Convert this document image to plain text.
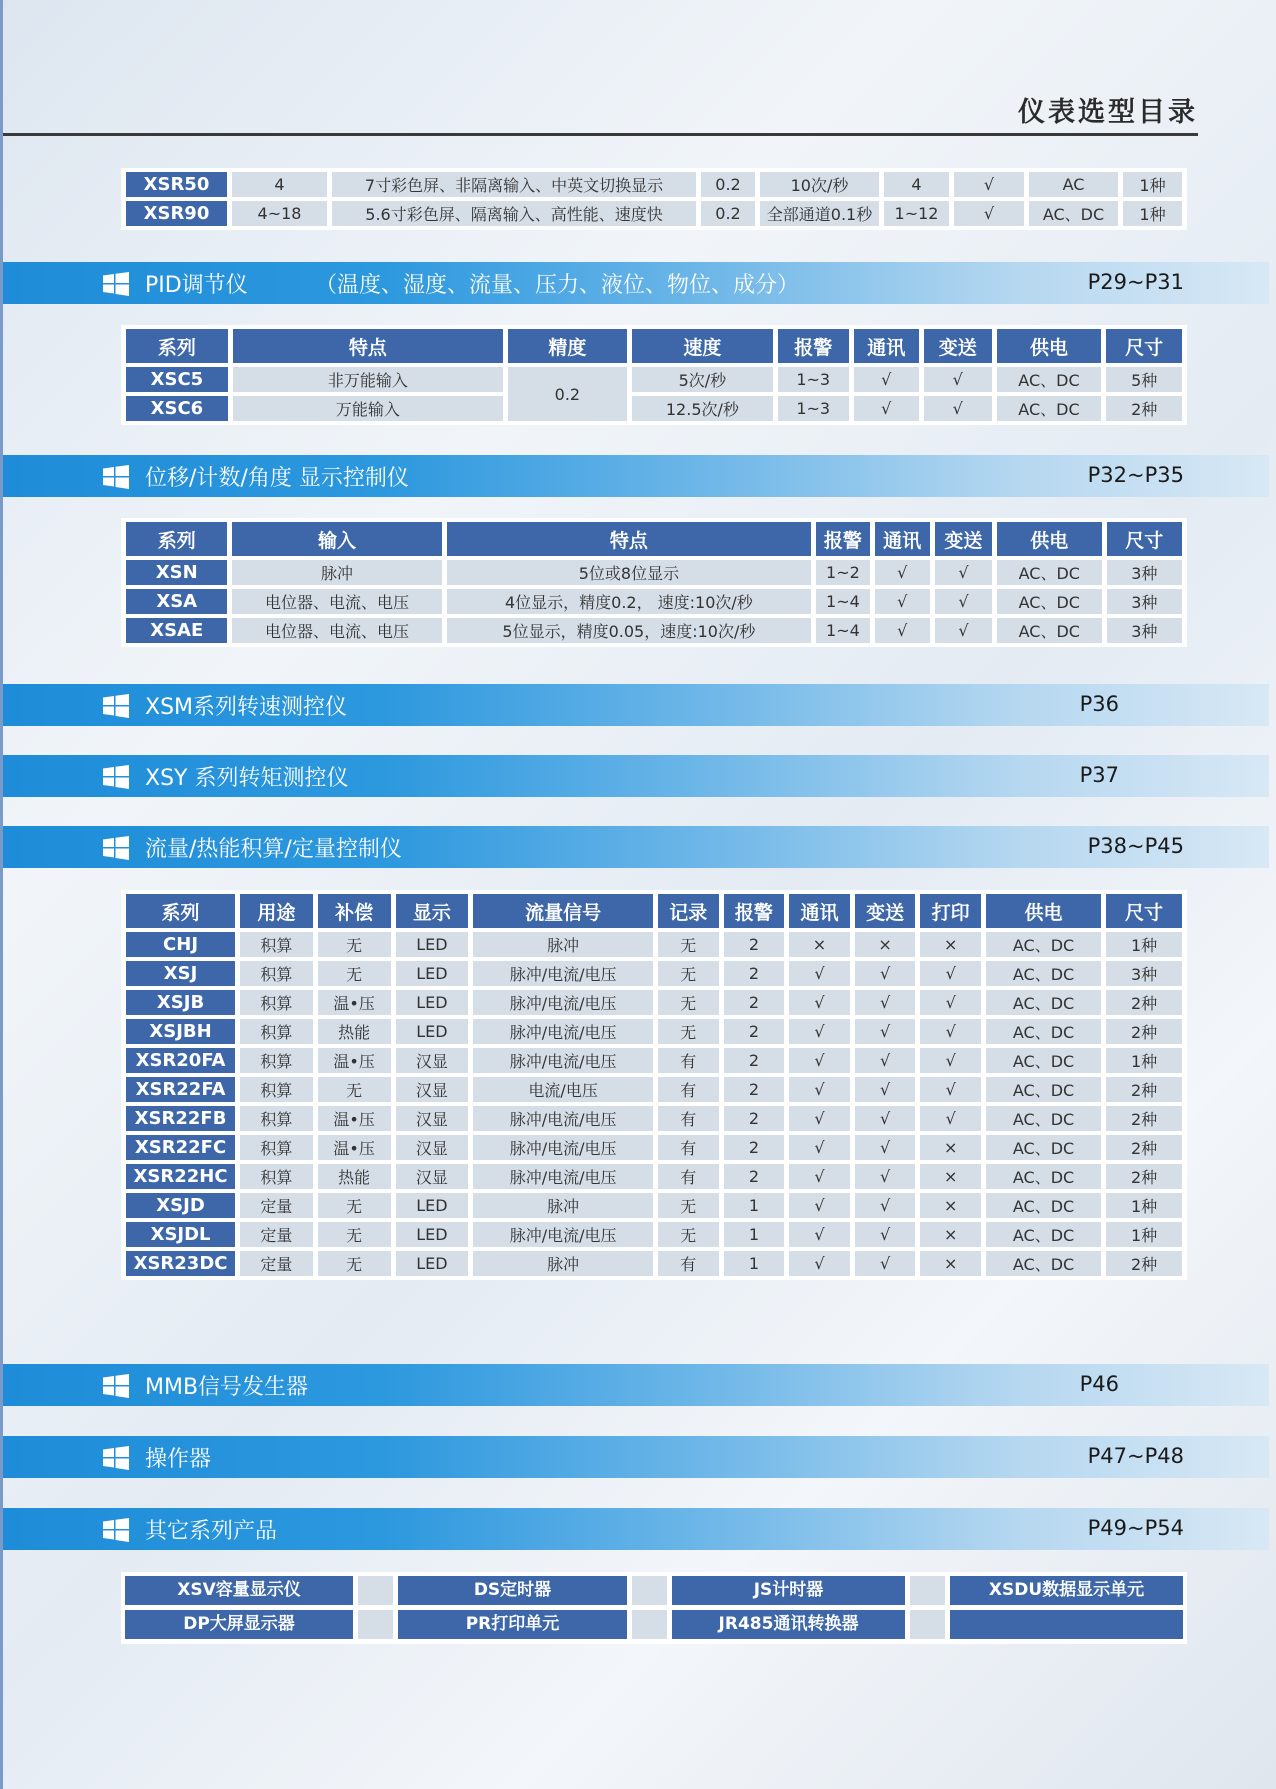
仪表选型目录
XSR50	4	7寸彩色屏、非隔离输入、中英文切换显示	0.2	10次/秒	4	√	AC	1种
XSR90	4~18	5.6寸彩色屏、隔离输入、高性能、速度快	0.2	全部通道0.1秒	1~12	√	AC、DC	1种
PID调节仪	（温度、湿度、流量、压力、液位、物位、成分）	P29~P31
系列	特点	精度	速度	报警	通讯	变送	供电	尺寸
XSC5	非万能输入	0.2	5次/秒	1~3	√	√	AC、DC	5种
XSC6	万能输入		12.5次/秒	1~3	√	√	AC、DC	2种
位移/计数/角度 显示控制仪	P32~P35
系列	输入	特点	报警	通讯	变送	供电	尺寸
XSN	脉冲	5位或8位显示	1~2	√	√	AC、DC	3种
XSA	电位器、电流、电压	4位显示，精度0.2， 速度:10次/秒	1~4	√	√	AC、DC	3种
XSAE	电位器、电流、电压	5位显示，精度0.05，速度:10次/秒	1~4	√	√	AC、DC	3种
XSM系列转速测控仪	P36
XSY 系列转矩测控仪	P37
流量/热能积算/定量控制仪	P38~P45
系列	用途	补偿	显示	流量信号	记录	报警	通讯	变送	打印	供电	尺寸
CHJ	积算	无	LED	脉冲	无	2	×	×	×	AC、DC	1种
XSJ	积算	无	LED	脉冲/电流/电压	无	2	√	√	√	AC、DC	3种
XSJB	积算	温•压	LED	脉冲/电流/电压	无	2	√	√	√	AC、DC	2种
XSJBH	积算	热能	LED	脉冲/电流/电压	无	2	√	√	√	AC、DC	2种
XSR20FA	积算	温•压	汉显	脉冲/电流/电压	有	2	√	√	√	AC、DC	1种
XSR22FA	积算	无	汉显	电流/电压	有	2	√	√	√	AC、DC	2种
XSR22FB	积算	温•压	汉显	脉冲/电流/电压	有	2	√	√	√	AC、DC	2种
XSR22FC	积算	温•压	汉显	脉冲/电流/电压	有	2	√	√	×	AC、DC	2种
XSR22HC	积算	热能	汉显	脉冲/电流/电压	有	2	√	√	×	AC、DC	2种
XSJD	定量	无	LED	脉冲	无	1	√	√	×	AC、DC	1种
XSJDL	定量	无	LED	脉冲/电流/电压	无	1	√	√	×	AC、DC	1种
XSR23DC	定量	无	LED	脉冲	有	1	√	√	×	AC、DC	2种
MMB信号发生器	P46
操作器	P47~P48
其它系列产品	P49~P54
XSV容量显示仪	DS定时器	JS计时器	XSDU数据显示单元
DP大屏显示器	PR打印单元	JR485通讯转换器
